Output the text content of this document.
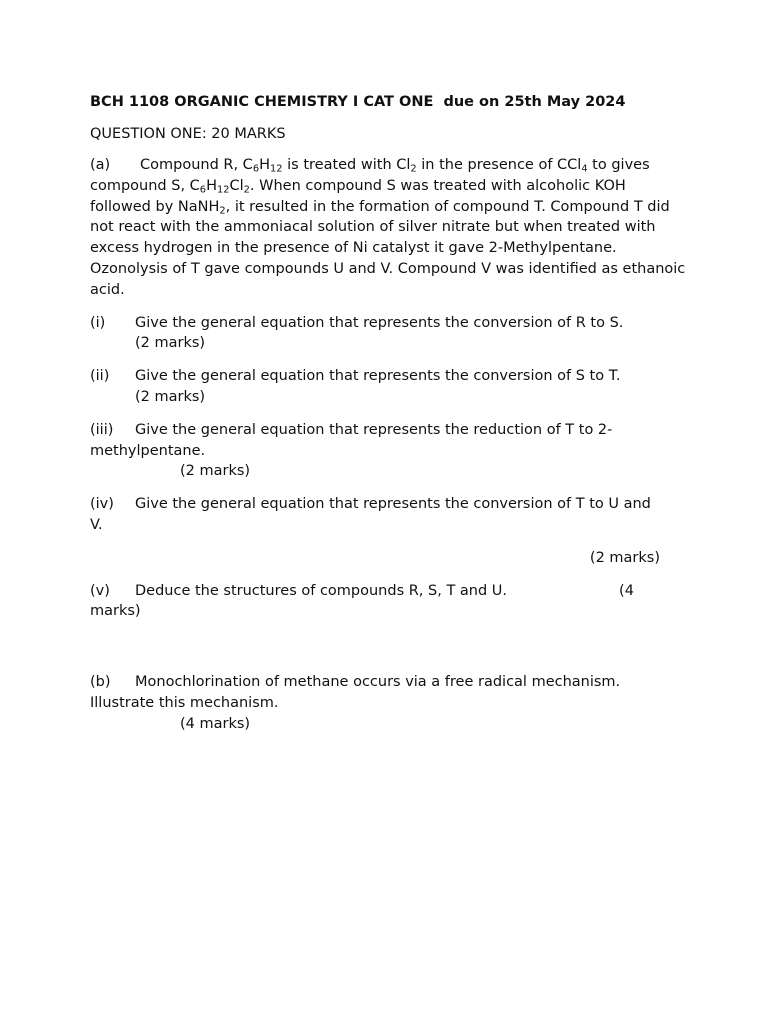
BCH 1108 ORGANIC CHEMISTRY I CAT ONE  due on 25th May 2024

QUESTION ONE: 20 MARKS

(a) Compound R, $C_6H_{12}$ is treated with $Cl_2$ in the presence of CCl$_4$ to gives compound S, $C_6H_{12}Cl_2$. When compound S was treated with alcoholic KOH followed by NaNH$_2$, it resulted in the formation of compound T. Compound T did not react with the ammoniacal solution of silver nitrate but when treated with excess hydrogen in the presence of Ni catalyst it gave 2-Methylpentane. Ozonolysis of T gave compounds U and V. Compound V was identified as ethanoic acid.

(i)	Give the general equation that represents the conversion of R to S.
(2 marks)
(ii)	Give the general equation that represents the conversion of S to T.
(2 marks)
(iii)	Give the general equation that represents the reduction of T to 2-
methylpentane.
(2 marks)
(iv)	Give the general equation that represents the conversion of T to U and
V.
(2 marks)
(v)	Deduce the structures of compounds R, S, T and U.	(4
marks)
(b)	Monochlorination of methane occurs via a free radical mechanism.
Illustrate this mechanism.
(4 marks)
